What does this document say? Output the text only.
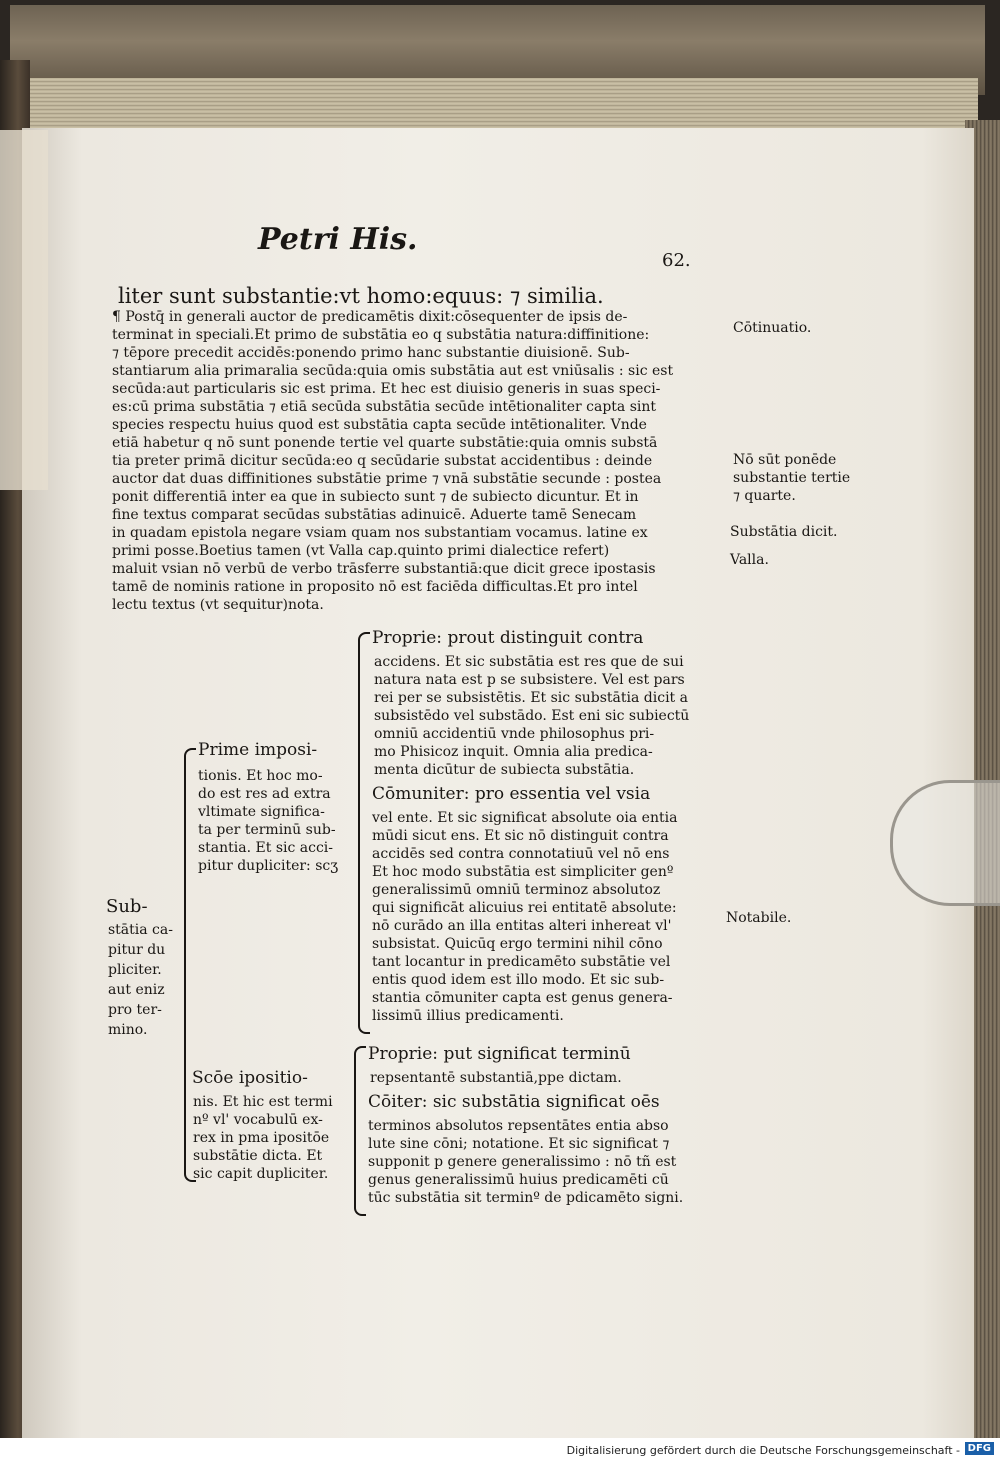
Petri His.
62.
liter sunt substantie:vt homo:equus: ⁊ similia.
¶ Postq̄ in generali auctor de predicamētis dixit:cōsequenter de ipsis de-
terminat in speciali.Et primo de substātia eo q substātia natura:diffinitione:
⁊ tēpore precedit accidēs:ponendo primo hanc substantie diuisionē. Sub-
stantiarum alia primaralia secūda:quia omis substātia aut est vniūsalis : sic est
secūda:aut particularis sic est prima. Et hec est diuisio generis in suas speci-
es:cū prima substātia ⁊ etiā secūda substātia secūde intētionaliter capta sint
species respectu huius quod est substātia capta secūde intētionaliter. Vnde
etiā habetur q nō sunt ponende tertie vel quarte substātie:quia omnis substā
tia preter primā dicitur secūda:eo q secūdarie substat accidentibus : deinde
auctor dat duas diffinitiones substātie prime ⁊ vnā substātie secunde : postea
ponit differentiā inter ea que in subiecto sunt ⁊ de subiecto dicuntur. Et in
fine textus comparat secūdas substātias adinuicē. Aduerte tamē Senecam
in quadam epistola negare vsiam quam nos substantiam vocamus. latine ex
primi posse.Boetius tamen (vt Valla cap.quinto primi dialectice refert)
maluit vsian nō verbū de verbo trāsferre substantiā:que dicit grece ipostasis
tamē de nominis ratione in proposito nō est faciēda difficultas.Et pro intel
lectu textus (vt sequitur)nota.
Cōtinuatio.
Nō sūt ponēde
substantie tertie
⁊ quarte.
Substātia dicit.
Valla.
Notabile.
Sub-
stātia ca-
pitur du
pliciter.
aut eniz
pro ter-
mino.
Prime imposi-
tionis. Et hoc mo-
do est res ad extra
vltimate significa-
ta per terminū sub-
stantia. Et sic acci-
pitur dupliciter: scʒ
Scōe ipositio-
nis. Et hic est termi
nº vl' vocabulū ex-
rex in pma ipositōe
substātie dicta. Et
sic capit dupliciter.
Proprie: prout distinguit contra
accidens. Et sic substātia est res que de sui
natura nata est p se subsistere. Vel est pars
rei per se subsistētis. Et sic substātia dicit a
subsistēdo vel substādo. Est eni sic subiectū
omniū accidentiū vnde philosophus pri-
mo Phisicoz inquit. Omnia alia predica-
menta dicūtur de subiecta substātia.
Cōmuniter: pro essentia vel vsia
vel ente. Et sic significat absolute oia entia
mūdi sicut ens. Et sic nō distinguit contra
accidēs sed contra connotatiuū vel nō ens
Et hoc modo substātia est simpliciter genº
generalissimū omniū terminoz absolutoz
qui significāt alicuius rei entitatē absolute:
nō curādo an illa entitas alteri inhereat vl'
subsistat. Quicūq ergo termini nihil cōno
tant locantur in predicamēto substātie vel
entis quod idem est illo modo. Et sic sub-
stantia cōmuniter capta est genus genera-
lissimū illius predicamenti.
Proprie: put significat terminū
repsentantē substantiā,ppe dictam.
Cōiter: sic substātia significat oēs
terminos absolutos repsentātes entia abso
lute sine cōni; notatione. Et sic significat ⁊
supponit p genere generalissimo : nō tñ est
genus generalissimū huius predicamēti cū
tūc substātia sit terminº de pdicamēto signi.
Digitalisierung gefördert durch die Deutsche Forschungsgemeinschaft - DFG
